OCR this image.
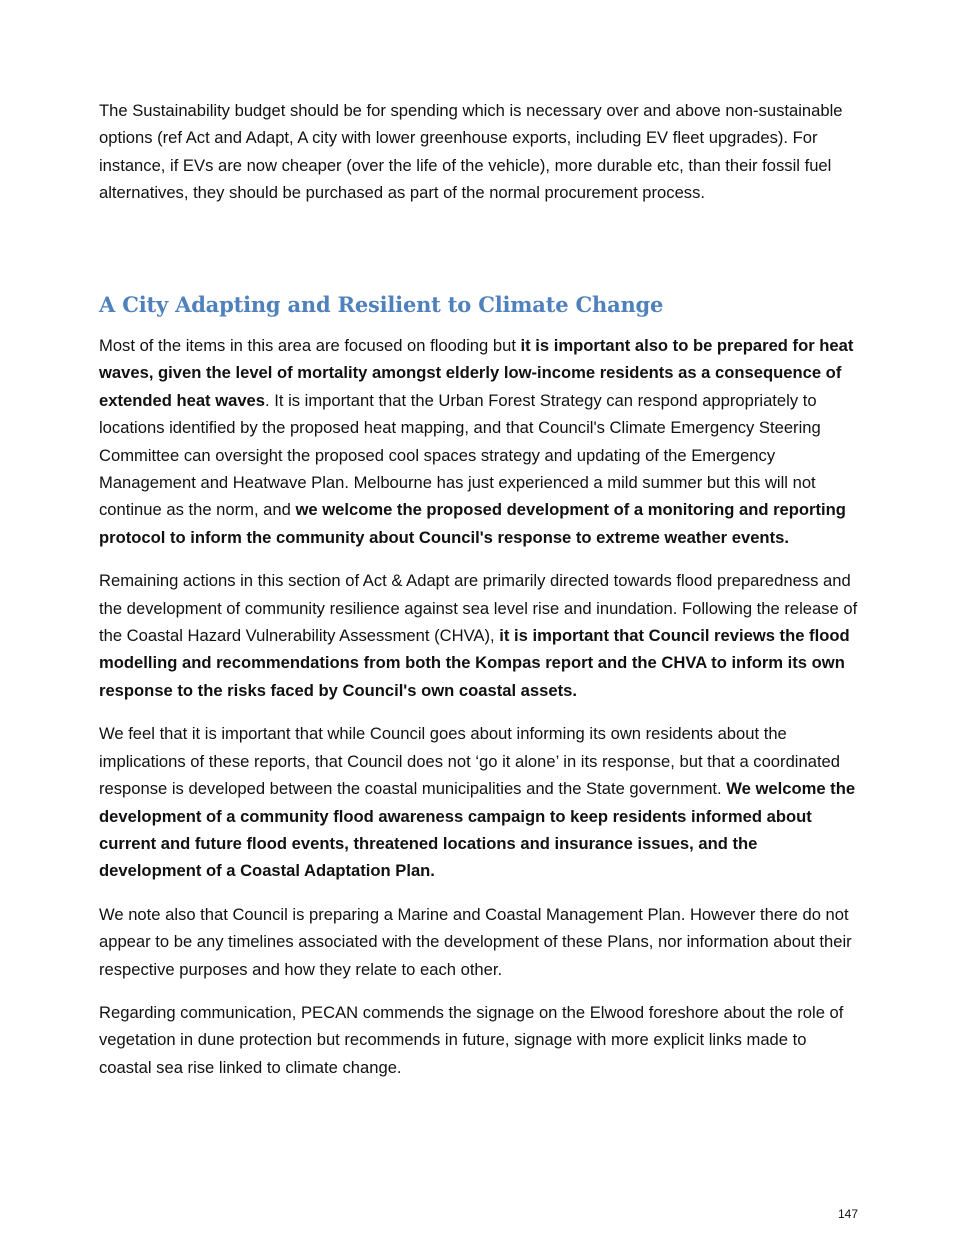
The Sustainability budget should be for spending which is necessary over and above non-sustainable options (ref Act and Adapt, A city with lower greenhouse exports, including EV fleet upgrades). For instance, if EVs are now cheaper (over the life of the vehicle), more durable etc, than their fossil fuel alternatives, they should be purchased as part of the normal procurement process.

A City Adapting and Resilient to Climate Change

Most of the items in this area are focused on flooding but it is important also to be prepared for heat waves, given the level of mortality amongst elderly low-income residents as a consequence of extended heat waves. It is important that the Urban Forest Strategy can respond appropriately to locations identified by the proposed heat mapping, and that Council's Climate Emergency Steering Committee can oversight the proposed cool spaces strategy and updating of the Emergency Management and Heatwave Plan. Melbourne has just experienced a mild summer but this will not continue as the norm, and we welcome the proposed development of a monitoring and reporting protocol to inform the community about Council's response to extreme weather events.

Remaining actions in this section of Act & Adapt are primarily directed towards flood preparedness and the development of community resilience against sea level rise and inundation. Following the release of the Coastal Hazard Vulnerability Assessment (CHVA), it is important that Council reviews the flood modelling and recommendations from both the Kompas report and the CHVA to inform its own response to the risks faced by Council's own coastal assets.

We feel that it is important that while Council goes about informing its own residents about the implications of these reports, that Council does not ‘go it alone’ in its response, but that a coordinated response is developed between the coastal municipalities and the State government. We welcome the development of a community flood awareness campaign to keep residents informed about current and future flood events, threatened locations and insurance issues, and the development of a Coastal Adaptation Plan.

We note also that Council is preparing a Marine and Coastal Management Plan. However there do not appear to be any timelines associated with the development of these Plans, nor information about their respective purposes and how they relate to each other.

Regarding communication, PECAN commends the signage on the Elwood foreshore about the role of vegetation in dune protection but recommends in future, signage with more explicit links made to coastal sea rise linked to climate change.

147
